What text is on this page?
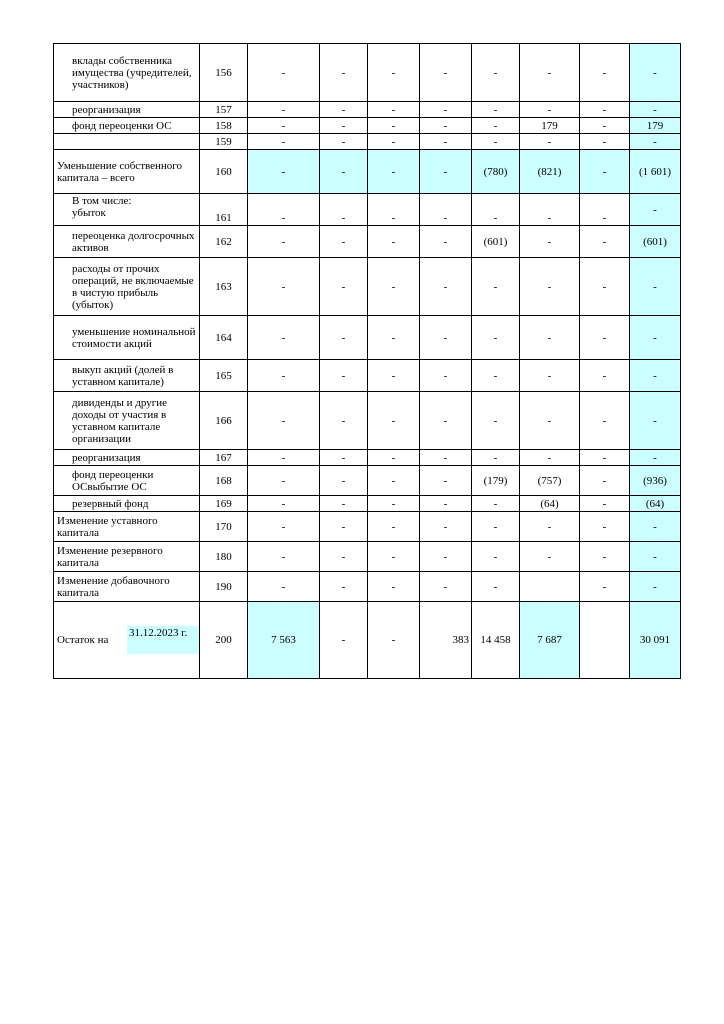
вклады собственника имущества (учредителей, участников)	156	-	-	-	-	-	-	-	-
реорганизация	157	-	-	-	-	-	-	-	-
фонд переоценки ОС	158	-	-	-	-	-	179	-	179
	159	-	-	-	-	-	-	-	-
Уменьшение собственного капитала – всего	160	-	-	-	-	(780)	(821)	-	(1 601)
В том числе:
убыток	161	-	-	-	-	-	-	-	-
переоценка долгосрочных активов	162	-	-	-	-	(601)	-	-	(601)
расходы от прочих операций, не включаемые в чистую прибыль (убыток)	163	-	-	-	-	-	-	-	-
уменьшение номинальной стоимости акций	164	-	-	-	-	-	-	-	-
выкуп акций (долей в уставном капитале)	165	-	-	-	-	-	-	-	-
дивиденды и другие доходы от участия в уставном капитале организации	166	-	-	-	-	-	-	-	-
реорганизация	167	-	-	-	-	-	-	-	-
фонд переоценки ОСвыбытие ОС	168	-	-	-	-	(179)	(757)	-	(936)
резервный фонд	169	-	-	-	-	-	(64)	-	(64)
Изменение уставного капитала	170	-	-	-	-	-	-	-	-
Изменение резервного капитала	180	-	-	-	-	-	-	-	-
Изменение добавочного капитала	190	-	-	-	-	-		-	-

Остаток на
31.12.2023 г.	200	7 563	-	-	383	14 458	7 687		30 091
